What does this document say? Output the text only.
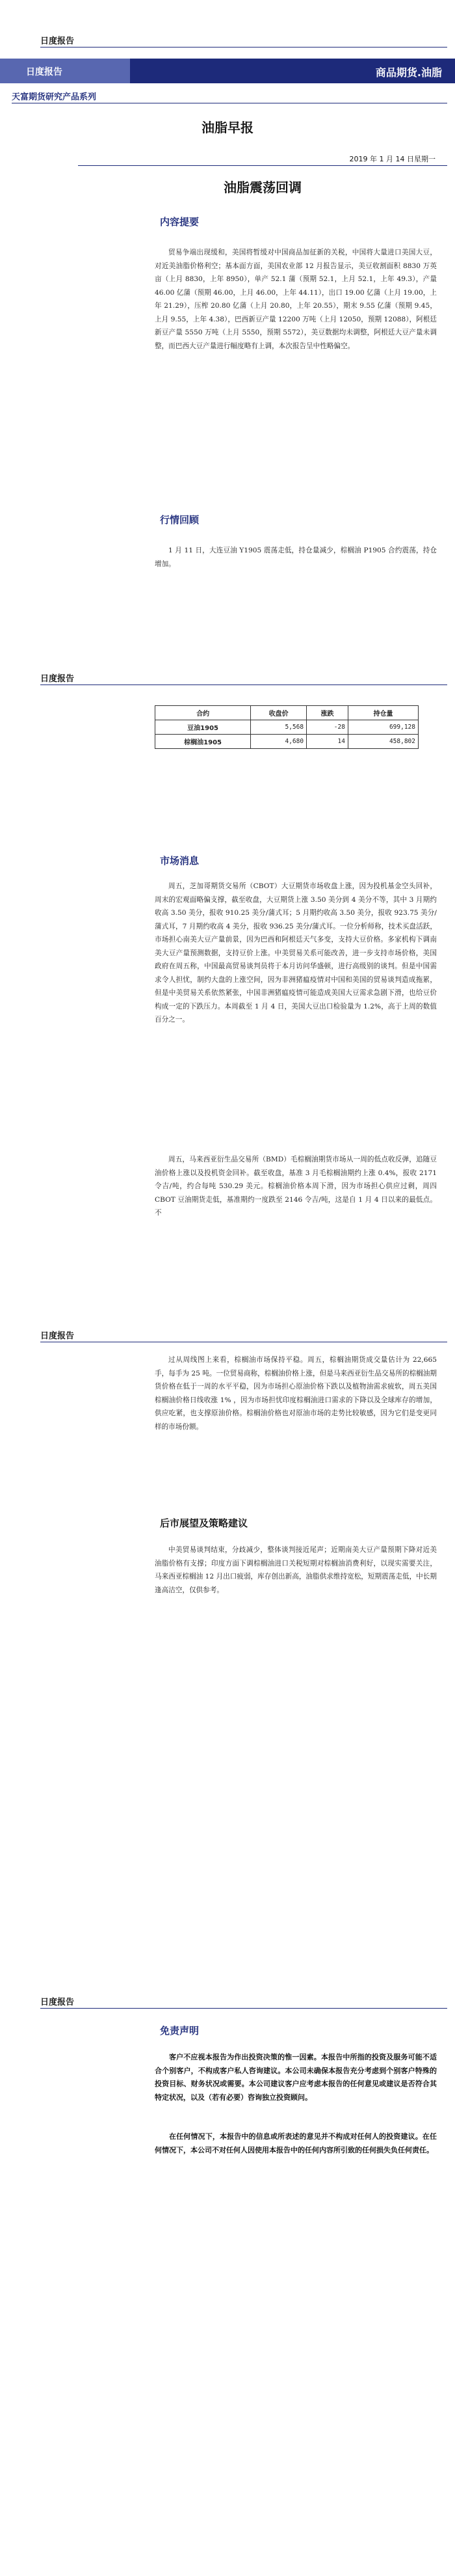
日度报告
日度报告	商品期货.油脂
天富期货研究产品系列
油脂早报
2019 年 1 月 14 日星期一
油脂震荡回调
内容提要

贸易争端出现缓和，美国将暂缓对中国商品加征新的关税，中国将大量进口美国大豆，对近美油脂价格利空；基本面方面，美国农业部 12 月报告显示，美豆收割面积 8830 万英亩（上月 8830，上年 8950），单产 52.1 蒲（预期 52.1，上月 52.1，上年 49.3），产量 46.00 亿蒲（预期 46.00，上月 46.00，上年 44.11），出口 19.00 亿蒲（上月 19.00，上年 21.29），压榨 20.80 亿蒲（上月 20.80，上年 20.55），期末 9.55 亿蒲（预期 9.45，上月 9.55，上年 4.38），巴西新豆产量 12200 万吨（上月 12050，预期 12088），阿根廷新豆产量 5550 万吨（上月 5550，预期 5572），美豆数据均未调整，阿根廷大豆产量未调整，而巴西大豆产量进行幅度略有上调，本次报告呈中性略偏空。

行情回顾

1 月 11 日，大连豆油 Y1905 震荡走低，持仓量减少，棕榈油 P1905 合约震荡，持仓增加。

日度报告
合约	收盘价	涨跌	持仓量
豆油1905	5,568	-28	699,128
棕榈油1905	4,680	14	458,802
市场消息

周五，芝加哥期货交易所（CBOT）大豆期货市场收盘上涨，因为投机基金空头回补，周末的宏观面略偏支撑，截至收盘，大豆期货上涨 3.50 美分到 4 美分不等，其中 3 月期约收高 3.50 美分，报收 910.25 美分/蒲式耳；5 月期约收高 3.50 美分，报收 923.75 美分/蒲式耳，7 月期约收高 4 美分，报收 936.25 美分/蒲式耳。一位分析师称，技术买盘活跃，市场担心南美大豆产量前景，因为巴西和阿根廷天气多变，支持大豆价格。多家机构下调南美大豆产量预测数据，支持豆价上涨。中美贸易关系可能改善，进一步支持市场价格，美国政府在周五称，中国最高贸易谈判员将于本月访问华盛顿，进行高级别的谈判。但是中国需求令人担忧，制约大盘的上涨空间，因为非洲猪瘟疫情对中国和美国的贸易谈判造成拖累，但是中美贸易关系依然紧张，中国非洲猪瘟疫情可能造成美国大豆需求急剧下滑，也给豆价构成一定的下跌压力。本周截至 1 月 4 日，美国大豆出口检验量为 1.2%，高于上周的数值百分之一。

周五，马来西亚衍生品交易所（BMD）毛棕榈油期货市场从一周的低点收反弹，追随豆油价格上涨以及投机资金回补。截至收盘，基准 3 月毛棕榈油期约上涨 0.4%，报收 2171 令吉/吨，约合每吨 530.29 美元。棕榈油价格本周下滑，因为市场担心供应过剩，周四 CBOT 豆油期货走低，基准期约一度跌至 2146 令吉/吨，这是自 1 月 4 日以来的最低点。不

日度报告

过从周线图上来看，棕榈油市场保持平稳。周五，棕榈油期货成交量估计为 22,665 手，每手为 25 吨。一位贸易商称，棕榈油价格上涨，但是马来西亚衍生品交易所的棕榈油期货价格在低于一周的水平平稳，因为市场担心原油价格下跌以及植物油需求疲软，周五美国棕榈油价格日线收涨 1% ，因为市场担忧印度棕榈油进口需求的下降以及全球库存的增加，供应吃紧，也支撑原油价格。棕榈油价格也对原油市场的走势比较敏感，因为它们是变更同样的市场份额。

后市展望及策略建议

中美贸易谈判结束，分歧减少，整体谈判接近尾声；近期南美大豆产量预期下降对近美油脂价格有支撑；印度方面下调棕榈油进口关税短期对棕榈油消费利好，以现实需要关注，马来西亚棕榈油 12 月出口疲弱，库存创出新高，油脂供求维持宽松，短期震荡走低，中长期逢高沽空，仅供参考。

日度报告
免责声明

客户不应视本报告为作出投资决策的惟一因素。本报告中所指的投资及服务可能不适合个别客户，不构成客户私人咨询建议。本公司未确保本报告充分考虑到个别客户特殊的投资目标、财务状况或需要。本公司建议客户应考虑本报告的任何意见或建议是否符合其特定状况，以及（若有必要）咨询独立投资顾问。

在任何情况下，本报告中的信息或所表述的意见并不构成对任何人的投资建议。在任何情况下，本公司不对任何人因使用本报告中的任何内容所引致的任何损失负任何责任。
